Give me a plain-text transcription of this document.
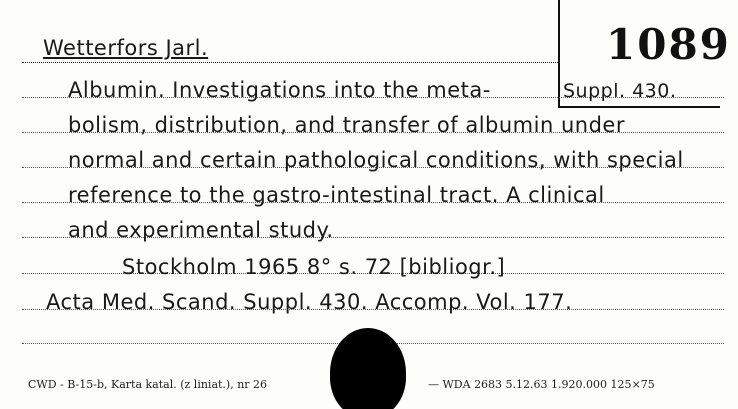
Wetterfors Jarl.	1089
Suppl. 430.
Albumin. Investigations into the meta-
bolism, distribution, and transfer of albumin under
normal and certain pathological conditions, with special
reference to the gastro-intestinal tract. A clinical
and experimental study.
Stockholm 1965 8° s. 72 [bibliogr.]
Acta Med. Scand. Suppl. 430. Accomp. Vol. 177.
CWD - B-15-b, Karta katal. (z liniat.), nr 26	— WDA 2683 5.12.63 1.920.000 125×75
